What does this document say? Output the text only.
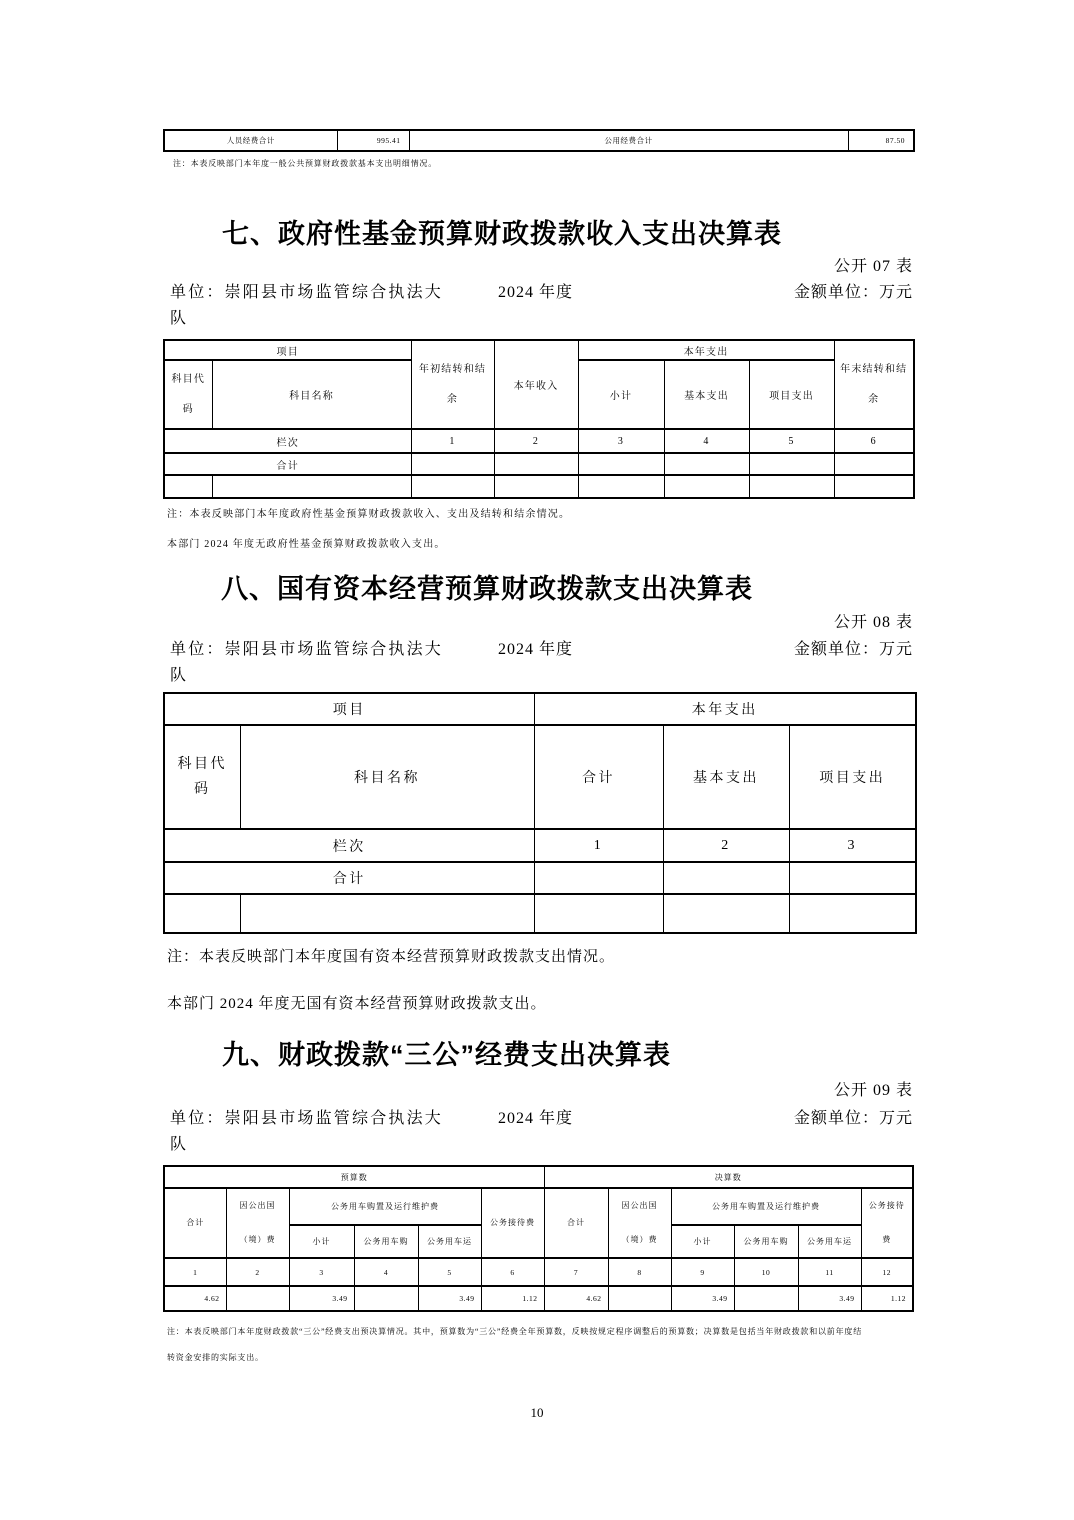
人员经费合计	995.41	公用经费合计	87.50
注：本表反映部门本年度一般公共预算财政拨款基本支出明细情况。
七、政府性基金预算财政拨款收入支出决算表
公开 07 表
单位：崇阳县市场监管综合执法大队
2024 年度	金额单位：万元
项目		年初结转和结余	本年收入	本年支出			年末结转和结余
科目代码	科目名称			小计	基本支出	项目支出	
栏次		1	2	3	4	5	6
合计							

注：本表反映部门本年度政府性基金预算财政拨款收入、支出及结转和结余情况。
本部门 2024 年度无政府性基金预算财政拨款收入支出。
八、国有资本经营预算财政拨款支出决算表
公开 08 表
单位：崇阳县市场监管综合执法大队
2024 年度	金额单位：万元
项目		本年支出		
科目代码	科目名称	合计	基本支出	项目支出
栏次		1	2	3
合计				

注：本表反映部门本年度国有资本经营预算财政拨款支出情况。
本部门 2024 年度无国有资本经营预算财政拨款支出。
九、财政拨款“三公”经费支出决算表
公开 09 表
单位：崇阳县市场监管综合执法大队
2024 年度	金额单位：万元
预算数						决算数					
合计	因公出国（境）费	公务用车购置及运行维护费			公务接待费	合计	因公出国（境）费	公务用车购置及运行维护费			公务接待费
		小计	公务用车购	公务用车运				小计	公务用车购	公务用车运	
1	2	3	4	5	6	7	8	9	10	11	12
4.62		3.49		3.49	1.12	4.62		3.49		3.49	1.12
注：本表反映部门本年度财政拨款“三公”经费支出预决算情况。其中，预算数为“三公”经费全年预算数，反映按规定程序调整后的预算数；决算数是包括当年财政拨款和以前年度结
转资金安排的实际支出。
10
